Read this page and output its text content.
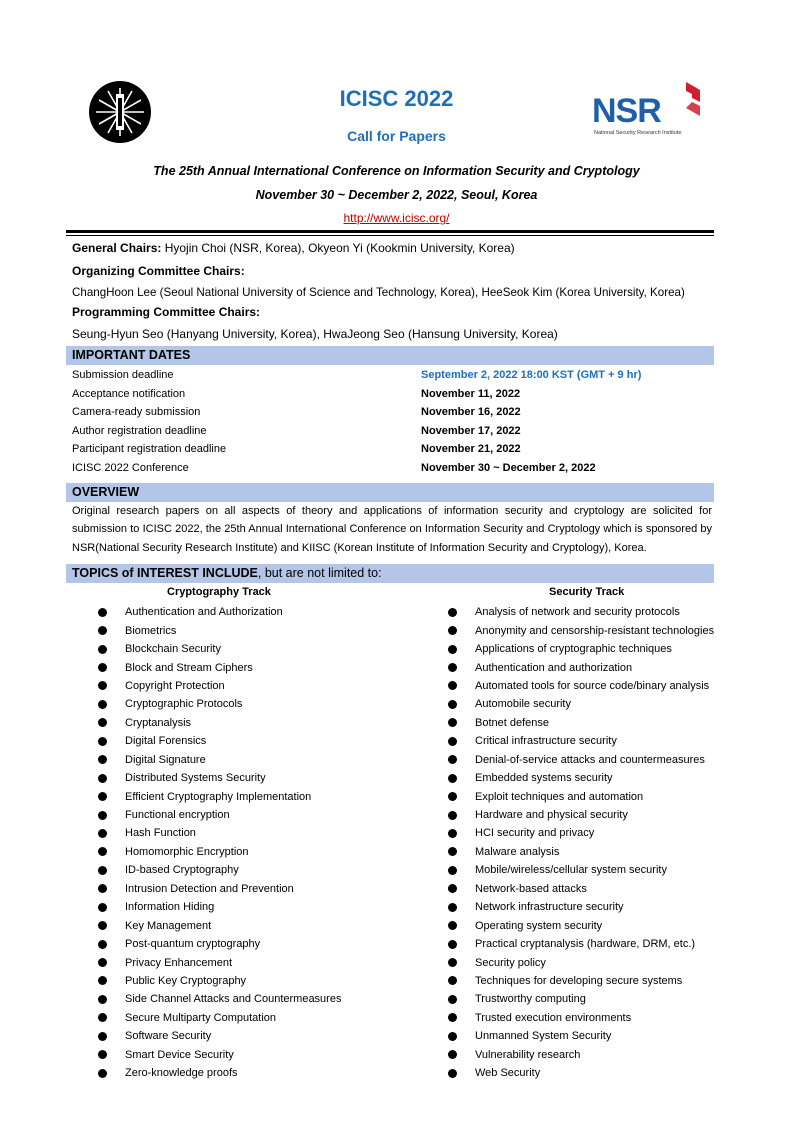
NSR
National Security Research Institute
ICISC 2022
Call for Papers
The 25th Annual International Conference on Information Security and Cryptology
November 30 ~ December 2, 2022, Seoul, Korea
http://www.icisc.org/
General Chairs: Hyojin Choi (NSR, Korea), Okyeon Yi (Kookmin University, Korea)
Organizing Committee Chairs:
ChangHoon Lee (Seoul National University of Science and Technology, Korea), HeeSeok Kim (Korea University, Korea)
Programming Committee Chairs:
Seung-Hyun Seo (Hanyang University, Korea), HwaJeong Seo (Hansung University, Korea)
IMPORTANT DATES
Submission deadline	September 2, 2022 18:00 KST (GMT + 9 hr)
Acceptance notification	November 11, 2022
Camera-ready submission	November 16, 2022
Author registration deadline	November 17, 2022
Participant registration deadline	November 21, 2022
ICISC 2022 Conference	November 30 ~ December 2, 2022
OVERVIEW
Original research papers on all aspects of theory and applications of information security and cryptology are solicited for submission to ICISC 2022, the 25th Annual International Conference on Information Security and Cryptology which is sponsored by NSR(National Security Research Institute) and KIISC (Korean Institute of Information Security and Cryptology), Korea.
TOPICS of INTEREST INCLUDE, but are not limited to:
Cryptography Track	Security Track
Authentication and Authorization
Biometrics
Blockchain Security
Block and Stream Ciphers
Copyright Protection
Cryptographic Protocols
Cryptanalysis
Digital Forensics
Digital Signature
Distributed Systems Security
Efficient Cryptography Implementation
Functional encryption
Hash Function
Homomorphic Encryption
ID-based Cryptography
Intrusion Detection and Prevention
Information Hiding
Key Management
Post-quantum cryptography
Privacy Enhancement
Public Key Cryptography
Side Channel Attacks and Countermeasures
Secure Multiparty Computation
Software Security
Smart Device Security
Zero-knowledge proofs
Analysis of network and security protocols
Anonymity and censorship-resistant technologies
Applications of cryptographic techniques
Authentication and authorization
Automated tools for source code/binary analysis
Automobile security
Botnet defense
Critical infrastructure security
Denial-of-service attacks and countermeasures
Embedded systems security
Exploit techniques and automation
Hardware and physical security
HCI security and privacy
Malware analysis
Mobile/wireless/cellular system security
Network-based attacks
Network infrastructure security
Operating system security
Practical cryptanalysis (hardware, DRM, etc.)
Security policy
Techniques for developing secure systems
Trustworthy computing
Trusted execution environments
Unmanned System Security
Vulnerability research
Web Security
